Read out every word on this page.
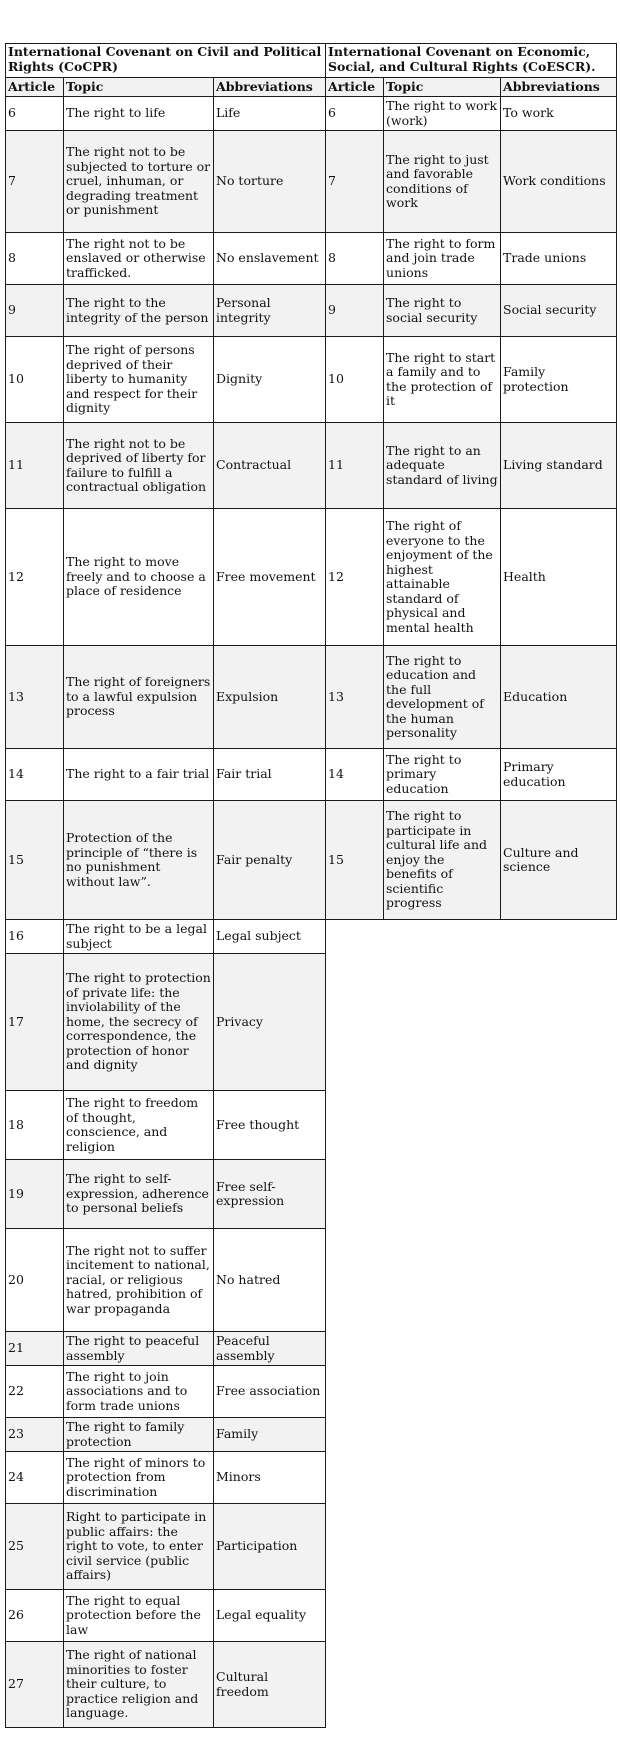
International Covenant on Civil and Political Rights (CoCPR)			International Covenant on Economic, Social, and Cultural Rights (CoESCR).		
Article	Topic	Abbreviations	Article	Topic	Abbreviations
6	The right to life	Life	6	The right to work (work)	To work
7	The right not to be subjected to torture or cruel, inhuman, or degrading treatment or punishment	No torture	7	The right to just and favorable conditions of work	Work conditions
8	The right not to be enslaved or otherwise trafficked.	No enslavement	8	The right to form and join trade unions	Trade unions
9	The right to the integrity of the person	Personal integrity	9	The right to social security	Social security
10	The right of persons deprived of their liberty to humanity and respect for their dignity	Dignity	10	The right to start a family and to the protection of it	Family protection
11	The right not to be deprived of liberty for failure to fulfill a contractual obligation	Contractual	11	The right to an adequate standard of living	Living standard
12	The right to move freely and to choose a place of residence	Free movement	12	The right of everyone to the enjoyment of the highest attainable standard of physical and mental health	Health
13	The right of foreigners to a lawful expulsion process	Expulsion	13	The right to education and the full development of the human personality	Education
14	The right to a fair trial	Fair trial	14	The right to primary education	Primary education
15	Protection of the principle of “there is no punishment without law”.	Fair penalty	15	The right to participate in cultural life and enjoy the benefits of scientific progress	Culture and science
16	The right to be a legal subject	Legal subject			
17	The right to protection of private life: the inviolability of the home, the secrecy of correspondence, the protection of honor and dignity	Privacy			
18	The right to freedom of thought, conscience, and religion	Free thought			
19	The right to self-expression, adherence to personal beliefs	Free self-expression			
20	The right not to suffer incitement to national, racial, or religious hatred, prohibition of war propaganda	No hatred			
21	The right to peaceful assembly	Peaceful assembly			
22	The right to join associations and to form trade unions	Free association			
23	The right to family protection	Family			
24	The right of minors to protection from discrimination	Minors			
25	Right to participate in public affairs: the right to vote, to enter civil service (public affairs)	Participation			
26	The right to equal protection before the law	Legal equality			
27	The right of national minorities to foster their culture, to practice religion and language.	Cultural freedom			
